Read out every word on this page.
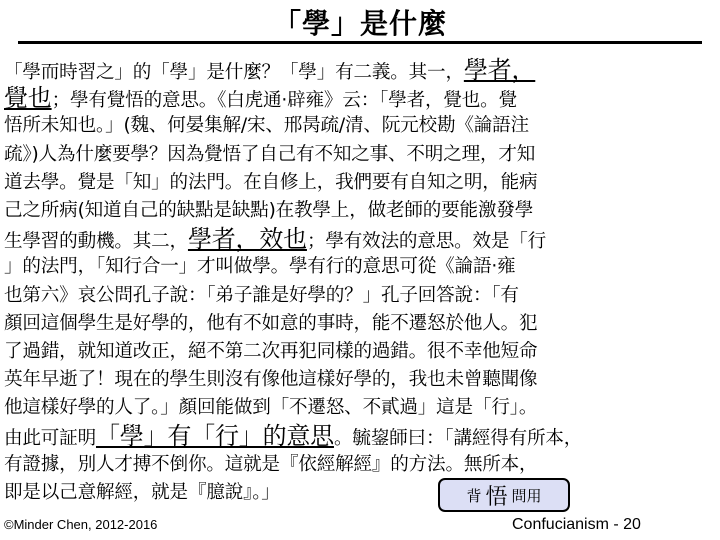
「學」是什麼
「學而時習之」的「學」是什麼？「學」有二義。其一，學者，
覺也；學有覺悟的意思。《白虎通‧辟雍》云：「學者，覺也。覺
悟所未知也。」(魏、何晏集解/宋、邢昺疏/清、阮元校勘《論語注
疏》)人為什麼要學？因為覺悟了自己有不知之事、不明之理，才知
道去學。覺是「知」的法門。在自修上，我們要有自知之明，能病
己之所病(知道自己的缺點是缺點)在教學上，做老師的要能激發學
生學習的動機。其二，學者，效也；學有效法的意思。效是「行
」的法門，「知行合一」才叫做學。學有行的意思可從《論語‧雍
也第六》哀公問孔子說：「弟子誰是好學的？」孔子回答說：「有
顏回這個學生是好學的，他有不如意的事時，能不遷怒於他人。犯
了過錯，就知道改正，絕不第二次再犯同樣的過錯。很不幸他短命
英年早逝了！現在的學生則沒有像他這樣好學的，我也未曾聽聞像
他這樣好學的人了。」顏回能做到「不遷怒、不貳過」這是「行」。
由此可証明「學」有「行」的意思。毓鋆師曰：「講經得有所本，
有證據，別人才搏不倒你。這就是『依經解經』的方法。無所本，
即是以己意解經，就是『臆說』。」	背 悟 問用
©Minder Chen, 2012-2016	Confucianism - 20
